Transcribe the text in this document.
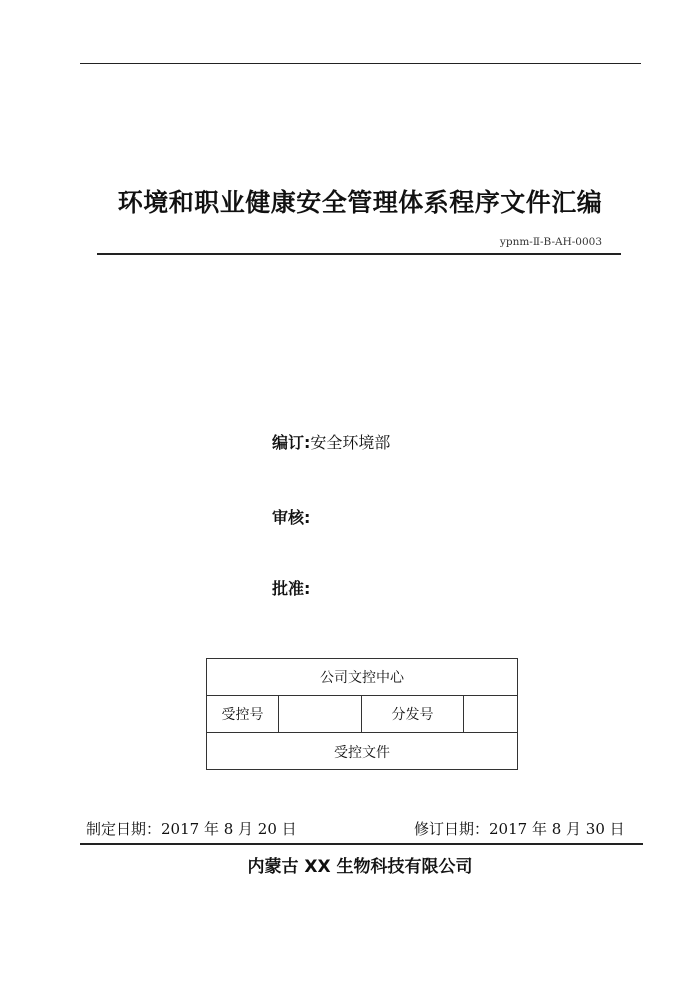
环境和职业健康安全管理体系程序文件汇编
ypnm-Ⅱ-B-AH-0003
编订:安全环境部
审核:
批准:
公司文控中心
受控号	分发号
受控文件
制定日期：2017 年 8 月 20 日	修订日期：2017 年 8 月 30 日
内蒙古 XX 生物科技有限公司
